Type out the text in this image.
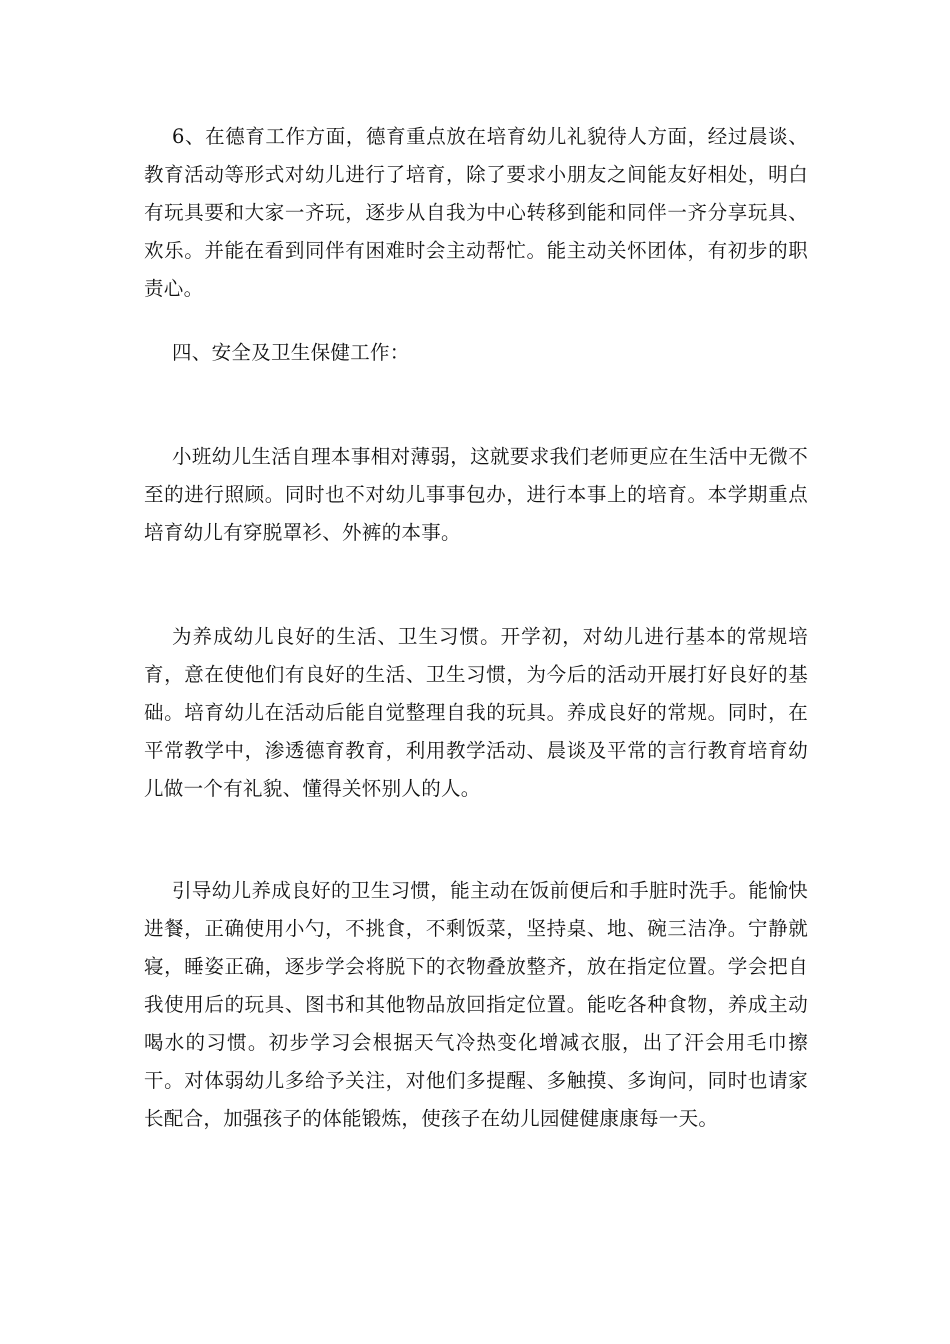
6、在德育工作方面，德育重点放在培育幼儿礼貌待人方面，经过晨谈、教育活动等形式对幼儿进行了培育，除了要求小朋友之间能友好相处，明白有玩具要和大家一齐玩，逐步从自我为中心转移到能和同伴一齐分享玩具、欢乐。并能在看到同伴有困难时会主动帮忙。能主动关怀团体，有初步的职责心。

四、安全及卫生保健工作：

小班幼儿生活自理本事相对薄弱，这就要求我们老师更应在生活中无微不至的进行照顾。同时也不对幼儿事事包办，进行本事上的培育。本学期重点培育幼儿有穿脱罩衫、外裤的本事。

为养成幼儿良好的生活、卫生习惯。开学初，对幼儿进行基本的常规培育，意在使他们有良好的生活、卫生习惯，为今后的活动开展打好良好的基础。培育幼儿在活动后能自觉整理自我的玩具。养成良好的常规。同时，在平常教学中，渗透德育教育，利用教学活动、晨谈及平常的言行教育培育幼儿做一个有礼貌、懂得关怀别人的人。

引导幼儿养成良好的卫生习惯，能主动在饭前便后和手脏时洗手。能愉快进餐，正确使用小勺，不挑食，不剩饭菜，坚持桌、地、碗三洁净。宁静就寝，睡姿正确，逐步学会将脱下的衣物叠放整齐，放在指定位置。学会把自我使用后的玩具、图书和其他物品放回指定位置。能吃各种食物，养成主动喝水的习惯。初步学习会根据天气冷热变化增减衣服，出了汗会用毛巾擦干。对体弱幼儿多给予关注，对他们多提醒、多触摸、多询问，同时也请家长配合，加强孩子的体能锻炼，使孩子在幼儿园健健康康每一天。
